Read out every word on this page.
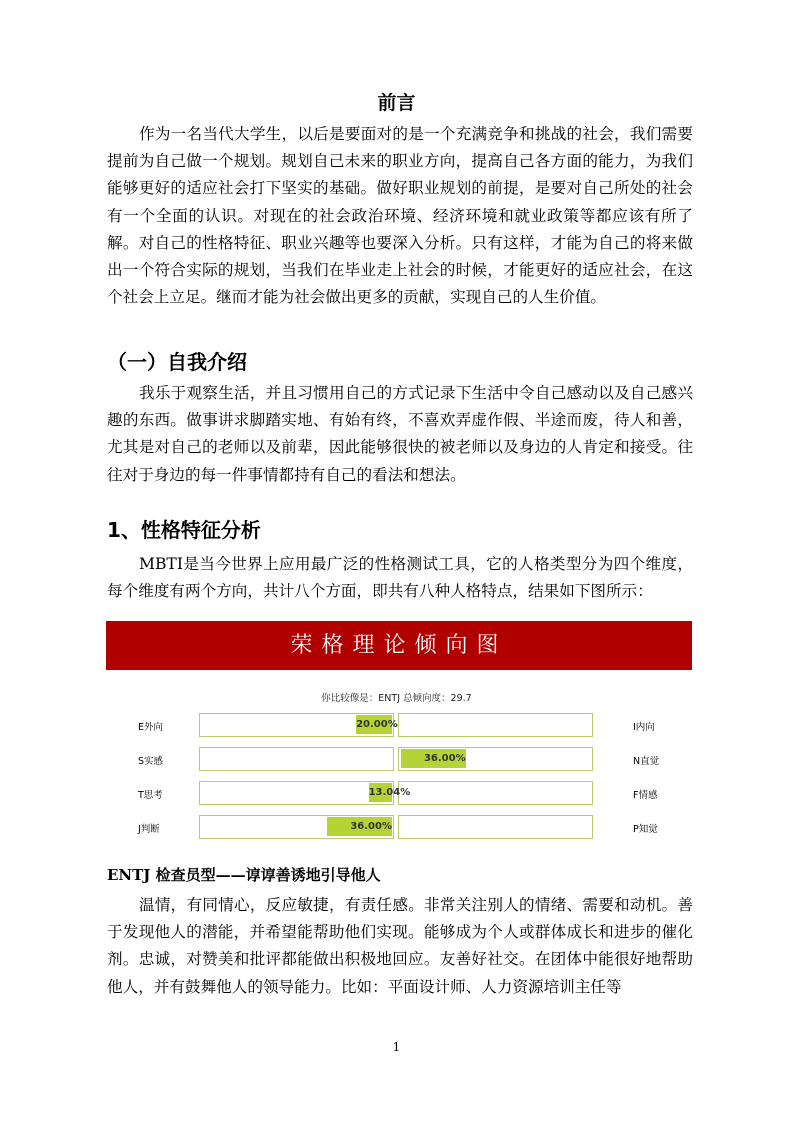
前言
作为一名当代大学生，以后是要面对的是一个充满竞争和挑战的社会，我们需要提前为自己做一个规划。规划自己未来的职业方向，提高自己各方面的能力，为我们能够更好的适应社会打下坚实的基础。做好职业规划的前提，是要对自己所处的社会有一个全面的认识。对现在的社会政治环境、经济环境和就业政策等都应该有所了解。对自己的性格特征、职业兴趣等也要深入分析。只有这样，才能为自己的将来做出一个符合实际的规划，当我们在毕业走上社会的时候，才能更好的适应社会，在这个社会上立足。继而才能为社会做出更多的贡献，实现自己的人生价值。
（一）自我介绍
我乐于观察生活，并且习惯用自己的方式记录下生活中令自己感动以及自己感兴趣的东西。做事讲求脚踏实地、有始有终，不喜欢弄虚作假、半途而废，待人和善，尤其是对自己的老师以及前辈，因此能够很快的被老师以及身边的人肯定和接受。往往对于身边的每一件事情都持有自己的看法和想法。
1、性格特征分析
MBTI是当今世界上应用最广泛的性格测试工具，它的人格类型分为四个维度，每个维度有两个方向，共计八个方面，即共有八种人格特点，结果如下图所示：
荣格理论倾向图
你比较像是：ENTJ 总倾向度：29.7
E外向	I内向
20.00%
S实感	N直觉
36.00%
T思考	F情感
13.04%
J判断	P知觉
36.00%
ENTJ 检查员型——谆谆善诱地引导他人
温情，有同情心，反应敏捷，有责任感。非常关注别人的情绪、需要和动机。善于发现他人的潜能，并希望能帮助他们实现。能够成为个人或群体成长和进步的催化剂。忠诚，对赞美和批评都能做出积极地回应。友善好社交。在团体中能很好地帮助他人，并有鼓舞他人的领导能力。比如：平面设计师、人力资源培训主任等
1
